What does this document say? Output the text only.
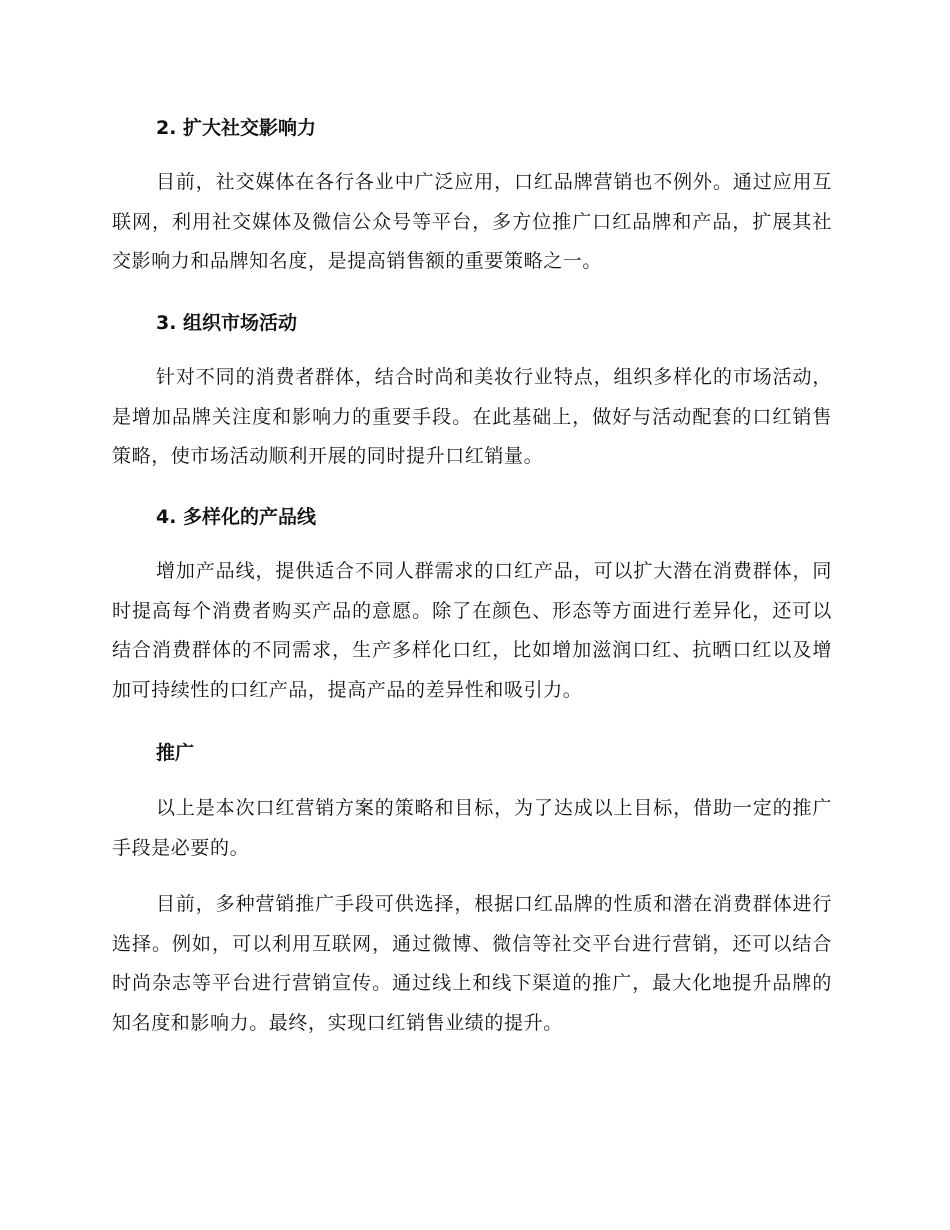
2. 扩大社交影响力

目前，社交媒体在各行各业中广泛应用，口红品牌营销也不例外。通过应用互联网，利用社交媒体及微信公众号等平台，多方位推广口红品牌和产品，扩展其社交影响力和品牌知名度，是提高销售额的重要策略之一。

3. 组织市场活动

针对不同的消费者群体，结合时尚和美妆行业特点，组织多样化的市场活动，是增加品牌关注度和影响力的重要手段。在此基础上，做好与活动配套的口红销售策略，使市场活动顺利开展的同时提升口红销量。

4. 多样化的产品线

增加产品线，提供适合不同人群需求的口红产品，可以扩大潜在消费群体，同时提高每个消费者购买产品的意愿。除了在颜色、形态等方面进行差异化，还可以结合消费群体的不同需求，生产多样化口红，比如增加滋润口红、抗晒口红以及增加可持续性的口红产品，提高产品的差异性和吸引力。

推广

以上是本次口红营销方案的策略和目标，为了达成以上目标，借助一定的推广手段是必要的。

目前，多种营销推广手段可供选择，根据口红品牌的性质和潜在消费群体进行选择。例如，可以利用互联网，通过微博、微信等社交平台进行营销，还可以结合时尚杂志等平台进行营销宣传。通过线上和线下渠道的推广，最大化地提升品牌的知名度和影响力。最终，实现口红销售业绩的提升。
